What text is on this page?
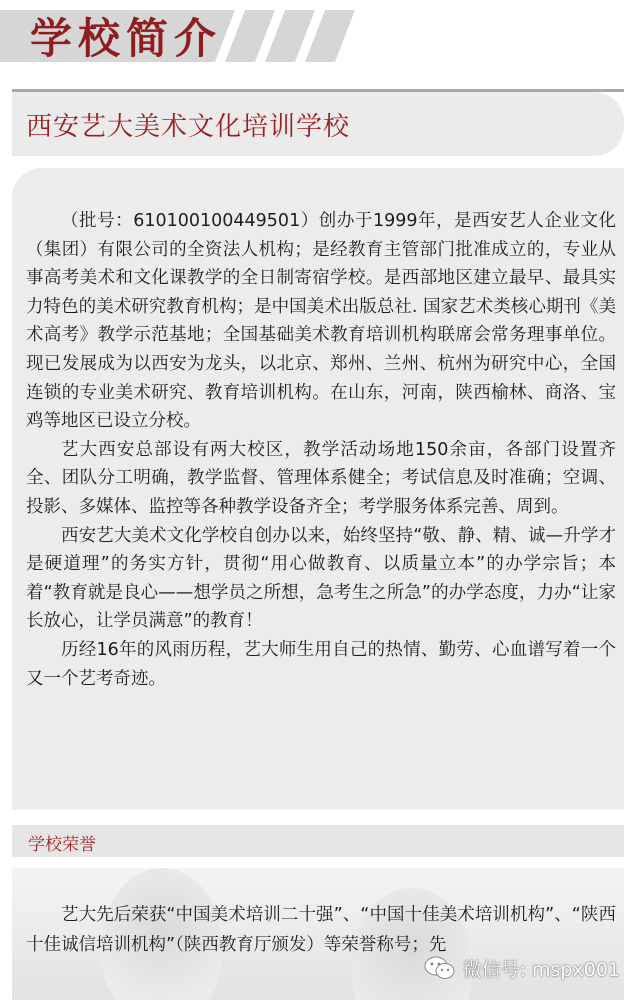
学校简介
西安艺大美术文化培训学校

（批号：610100100449501）创办于1999年，是西安艺人企业文化（集团）有限公司的全资法人机构；是经教育主管部门批准成立的，专业从事高考美术和文化课教学的全日制寄宿学校。是西部地区建立最早、最具实力特色的美术研究教育机构；是中国美术出版总社. 国家艺术类核心期刊《美术高考》教学示范基地；全国基础美术教育培训机构联席会常务理事单位。现已发展成为以西安为龙头，以北京、郑州、兰州、杭州为研究中心，全国连锁的专业美术研究、教育培训机构。在山东，河南，陕西榆林、商洛、宝鸡等地区已设立分校。

艺大西安总部设有两大校区，教学活动场地150余亩，各部门设置齐全、团队分工明确，教学监督、管理体系健全；考试信息及时准确；空调、投影、多媒体、监控等各种教学设备齐全；考学服务体系完善、周到。

西安艺大美术文化学校自创办以来，始终坚持“敬、静、精、诚—升学才是硬道理”的务实方针，贯彻“用心做教育、以质量立本”的办学宗旨；本着“教育就是良心——想学员之所想，急考生之所急”的办学态度，力办“让家长放心，让学员满意”的教育！

历经16年的风雨历程，艺大师生用自己的热情、勤劳、心血谱写着一个又一个艺考奇迹。

学校荣誉
艺大先后荣获“中国美术培训二十强”、“中国十佳美术培训机构”、“陕西十佳诚信培训机构”（陕西教育厅颁发）等荣誉称号；先
微信号: mspx001
